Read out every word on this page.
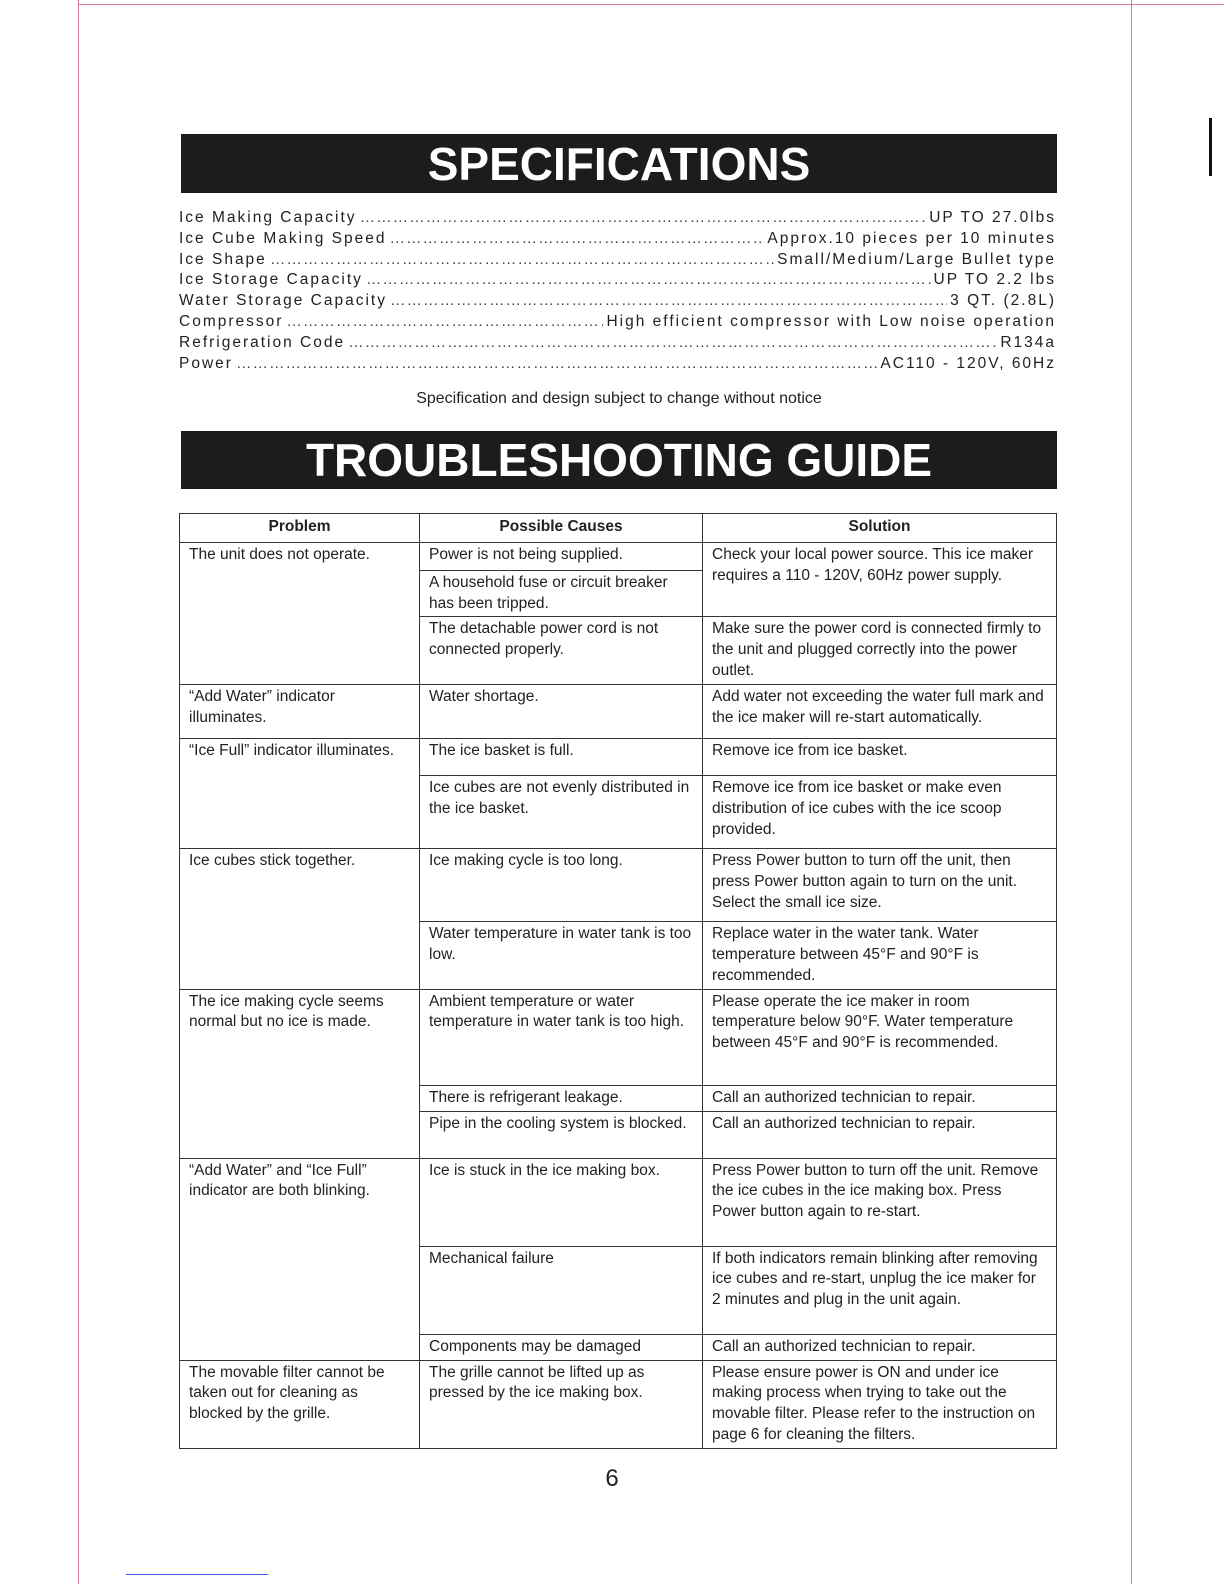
SPECIFICATIONS
Ice Making Capacity ……………………………………………………………………………………………………………………………………………………………	UP TO 27.0lbs
Ice Cube Making Speed ……………………………………………………………………………………………………………………………………………………………	Approx.10 pieces per 10 minutes
Ice Shape ……………………………………………………………………………………………………………………………………………………………	Small/Medium/Large Bullet type
Ice Storage Capacity ……………………………………………………………………………………………………………………………………………………………	UP TO 2.2 lbs
Water Storage Capacity ……………………………………………………………………………………………………………………………………………………………	3 QT. (2.8L)
Compressor ……………………………………………………………………………………………………………………………………………………………	High efficient compressor with Low noise operation
Refrigeration Code ……………………………………………………………………………………………………………………………………………………………	R134a
Power ……………………………………………………………………………………………………………………………………………………………	AC110 - 120V, 60Hz
Specification and design subject to change without notice
TROUBLESHOOTING GUIDE
Problem	Possible Causes	Solution
The unit does not operate.	Power is not being supplied.	Check your local power source. This ice maker requires a 110 - 120V, 60Hz power supply.
	A household fuse or circuit breaker has been tripped.	
	The detachable power cord is not connected properly.	Make sure the power cord is connected firmly to the unit and plugged correctly into the power outlet.
“Add Water” indicator illuminates.	Water shortage.	Add water not exceeding the water full mark and the ice maker will re-start automatically.
“Ice Full” indicator illuminates.	The ice basket is full.	Remove ice from ice basket.
	Ice cubes are not evenly distributed in the ice basket.	Remove ice from ice basket or make even distribution of ice cubes with the ice scoop provided.
Ice cubes stick together.	Ice making cycle is too long.	Press Power button to turn off the unit, then press Power button again to turn on the unit. Select the small ice size.
	Water temperature in water tank is too low.	Replace water in the water tank. Water temperature between 45°F and 90°F is recommended.
The ice making cycle seems normal but no ice is made.	Ambient temperature or water temperature in water tank is too high.	Please operate the ice maker in room temperature below 90°F. Water temperature between 45°F and 90°F is recommended.
	There is refrigerant leakage.	Call an authorized technician to repair.
	Pipe in the cooling system is blocked.	Call an authorized technician to repair.
“Add Water” and “Ice Full” indicator are both blinking.	Ice is stuck in the ice making box.	Press Power button to turn off the unit. Remove the ice cubes in the ice making box. Press Power button again to re-start.
	Mechanical failure	If both indicators remain blinking after removing ice cubes and re-start, unplug the ice maker for 2 minutes and plug in the unit again.
	Components may be damaged	Call an authorized technician to repair.
The movable filter cannot be taken out for cleaning as blocked by the grille.	The grille cannot be lifted up as pressed by the ice making box.	Please ensure power is ON and under ice making process when trying to take out the movable filter. Please refer to the instruction on page 6 for cleaning the filters.
6
